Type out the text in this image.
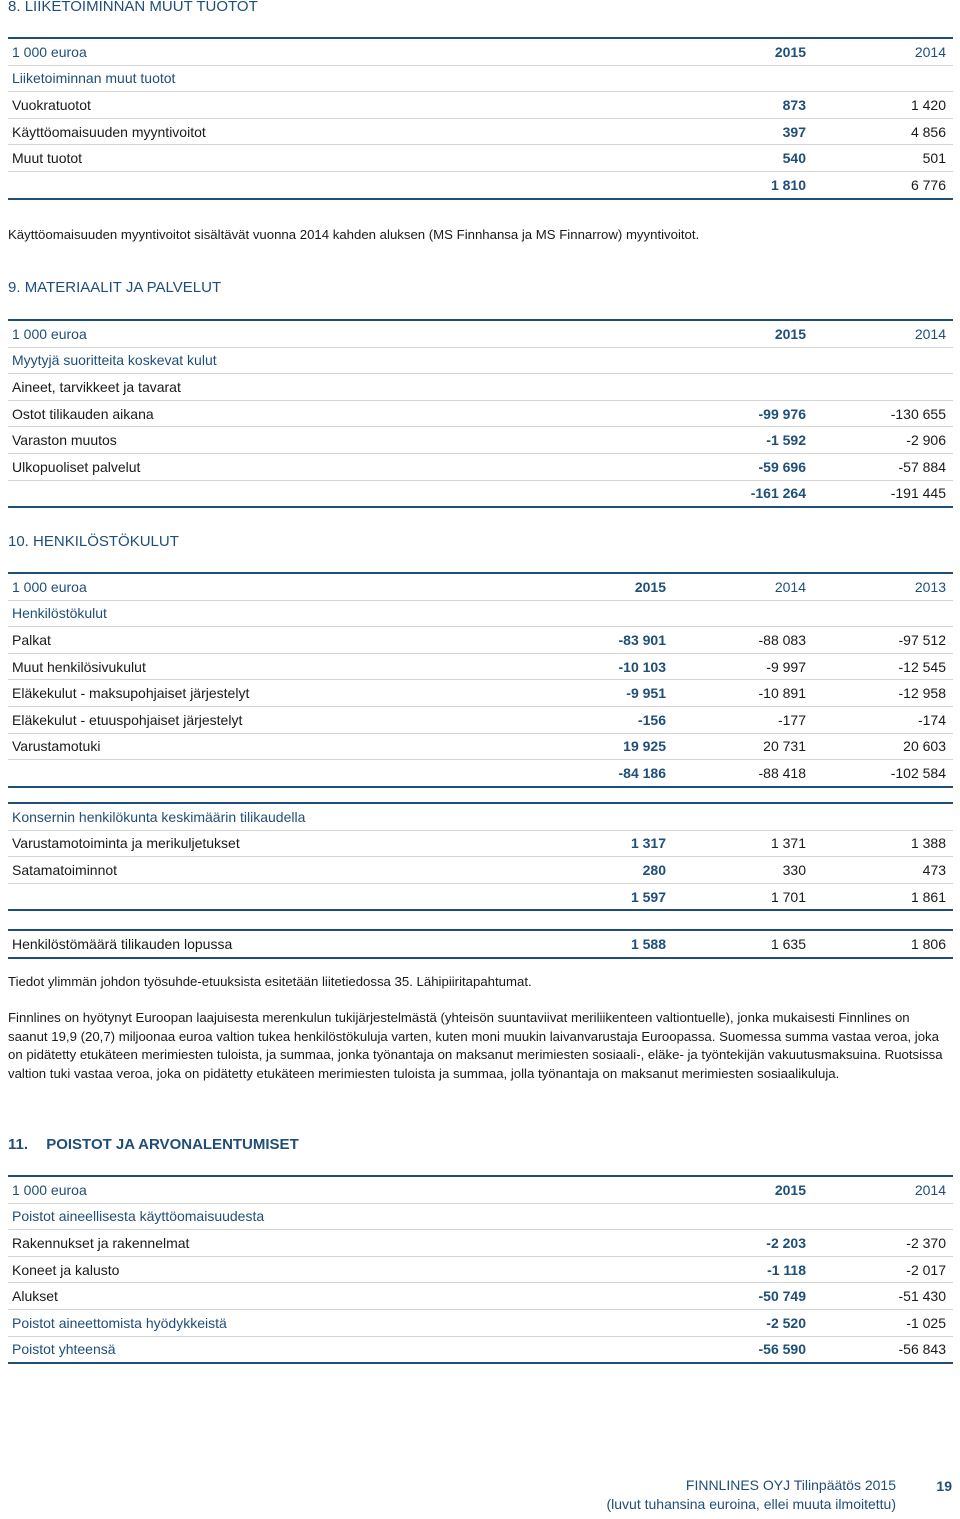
8. LIIKETOIMINNAN MUUT TUOTOT
1 000 euroa	2015	2014
Liiketoiminnan muut tuotot		
Vuokratuotot	873	1 420
Käyttöomaisuuden myyntivoitot	397	4 856
Muut tuotot	540	501
	1 810	6 776
Käyttöomaisuuden myyntivoitot sisältävät vuonna 2014 kahden aluksen (MS Finnhansa ja MS Finnarrow) myyntivoitot.
9. MATERIAALIT JA PALVELUT
1 000 euroa	2015	2014
Myytyjä suoritteita koskevat kulut		
Aineet, tarvikkeet ja tavarat		
Ostot tilikauden aikana	-99 976	-130 655
Varaston muutos	-1 592	-2 906
Ulkopuoliset palvelut	-59 696	-57 884
	-161 264	-191 445
10. HENKILÖSTÖKULUT
1 000 euroa	2015	2014	2013
Henkilöstökulut			
Palkat	-83 901	-88 083	-97 512
Muut henkilösivukulut	-10 103	-9 997	-12 545
Eläkekulut - maksupohjaiset järjestelyt	-9 951	-10 891	-12 958
Eläkekulut - etuuspohjaiset järjestelyt	-156	-177	-174
Varustamotuki	19 925	20 731	20 603
	-84 186	-88 418	-102 584
Konsernin henkilökunta keskimäärin tilikaudella			
Varustamotoiminta ja merikuljetukset	1 317	1 371	1 388
Satamatoiminnot	280	330	473
	1 597	1 701	1 861
Henkilöstömäärä tilikauden lopussa	1 588	1 635	1 806
Tiedot ylimmän johdon työsuhde-etuuksista esitetään liitetiedossa 35. Lähipiiritapahtumat.
Finnlines on hyötynyt Euroopan laajuisesta merenkulun tukijärjestelmästä (yhteisön suuntaviivat meriliikenteen valtiontuelle), jonka mukaisesti Finnlines on saanut 19,9 (20,7) miljoonaa euroa valtion tukea henkilöstökuluja varten, kuten moni muukin laivanvarustaja Euroopassa. Suomessa summa vastaa veroa, joka on pidätetty etukäteen merimiesten tuloista, ja summaa, jonka työnantaja on maksanut merimiesten sosiaali-, eläke- ja työntekijän vakuutusmaksuina. Ruotsissa valtion tuki vastaa veroa, joka on pidätetty etukäteen merimiesten tuloista ja summaa, jolla työnantaja on maksanut merimiesten sosiaalikuluja.
11. POISTOT JA ARVONALENTUMISET
1 000 euroa	2015	2014
Poistot aineellisesta käyttöomaisuudesta		
Rakennukset ja rakennelmat	-2 203	-2 370
Koneet ja kalusto	-1 118	-2 017
Alukset	-50 749	-51 430
Poistot aineettomista hyödykkeistä	-2 520	-1 025
Poistot yhteensä	-56 590	-56 843
FINNLINES OYJ Tilinpäätös 2015
(luvut tuhansina euroina, ellei muuta ilmoitettu)
19
